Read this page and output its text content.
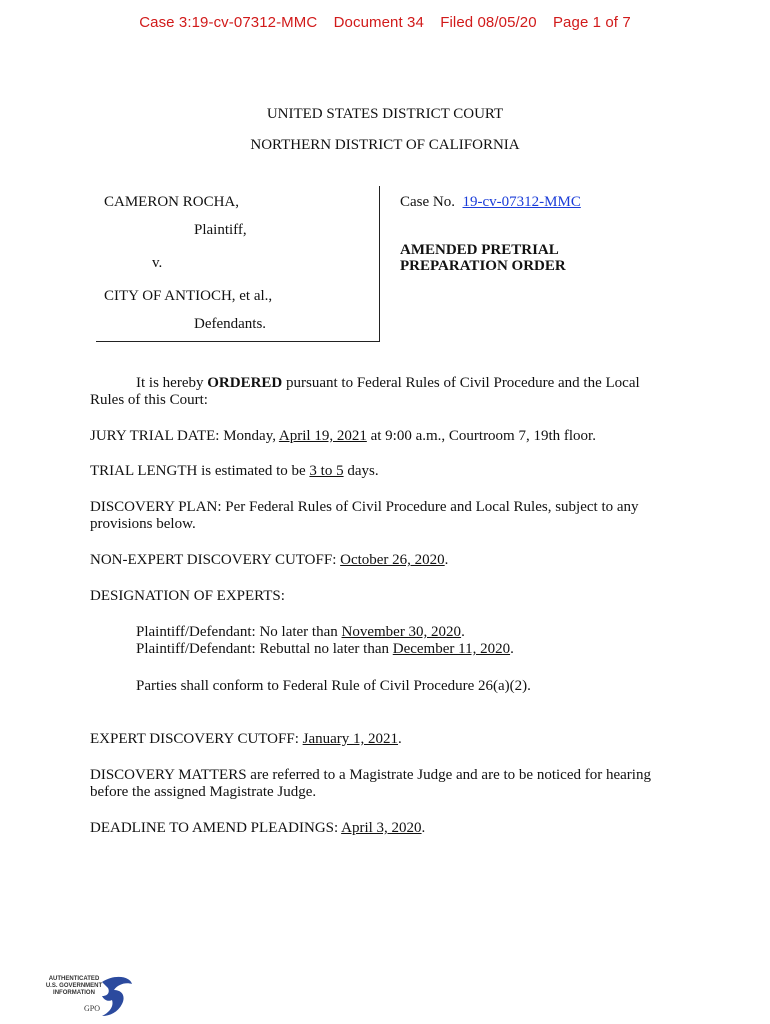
Case 3:19-cv-07312-MMC Document 34 Filed 08/05/20 Page 1 of 7
UNITED STATES DISTRICT COURT
NORTHERN DISTRICT OF CALIFORNIA
CAMERON ROCHA,
Plaintiff,
v.
CITY OF ANTIOCH, et al.,
Defendants.
Case No. 19-cv-07312-MMC
AMENDED PRETRIAL
PREPARATION ORDER
It is hereby ORDERED pursuant to Federal Rules of Civil Procedure and the Local
Rules of this Court:
JURY TRIAL DATE: Monday, April 19, 2021 at 9:00 a.m., Courtroom 7, 19th floor.
TRIAL LENGTH is estimated to be 3 to 5 days.
DISCOVERY PLAN: Per Federal Rules of Civil Procedure and Local Rules, subject to any
provisions below.
NON-EXPERT DISCOVERY CUTOFF: October 26, 2020.
DESIGNATION OF EXPERTS:
Plaintiff/Defendant: No later than November 30, 2020.
Plaintiff/Defendant: Rebuttal no later than December 11, 2020.
Parties shall conform to Federal Rule of Civil Procedure 26(a)(2).
EXPERT DISCOVERY CUTOFF: January 1, 2021.
DISCOVERY MATTERS are referred to a Magistrate Judge and are to be noticed for hearing
before the assigned Magistrate Judge.
DEADLINE TO AMEND PLEADINGS: April 3, 2020.
AUTHENTICATED U.S. GOVERNMENT INFORMATION
GPO
